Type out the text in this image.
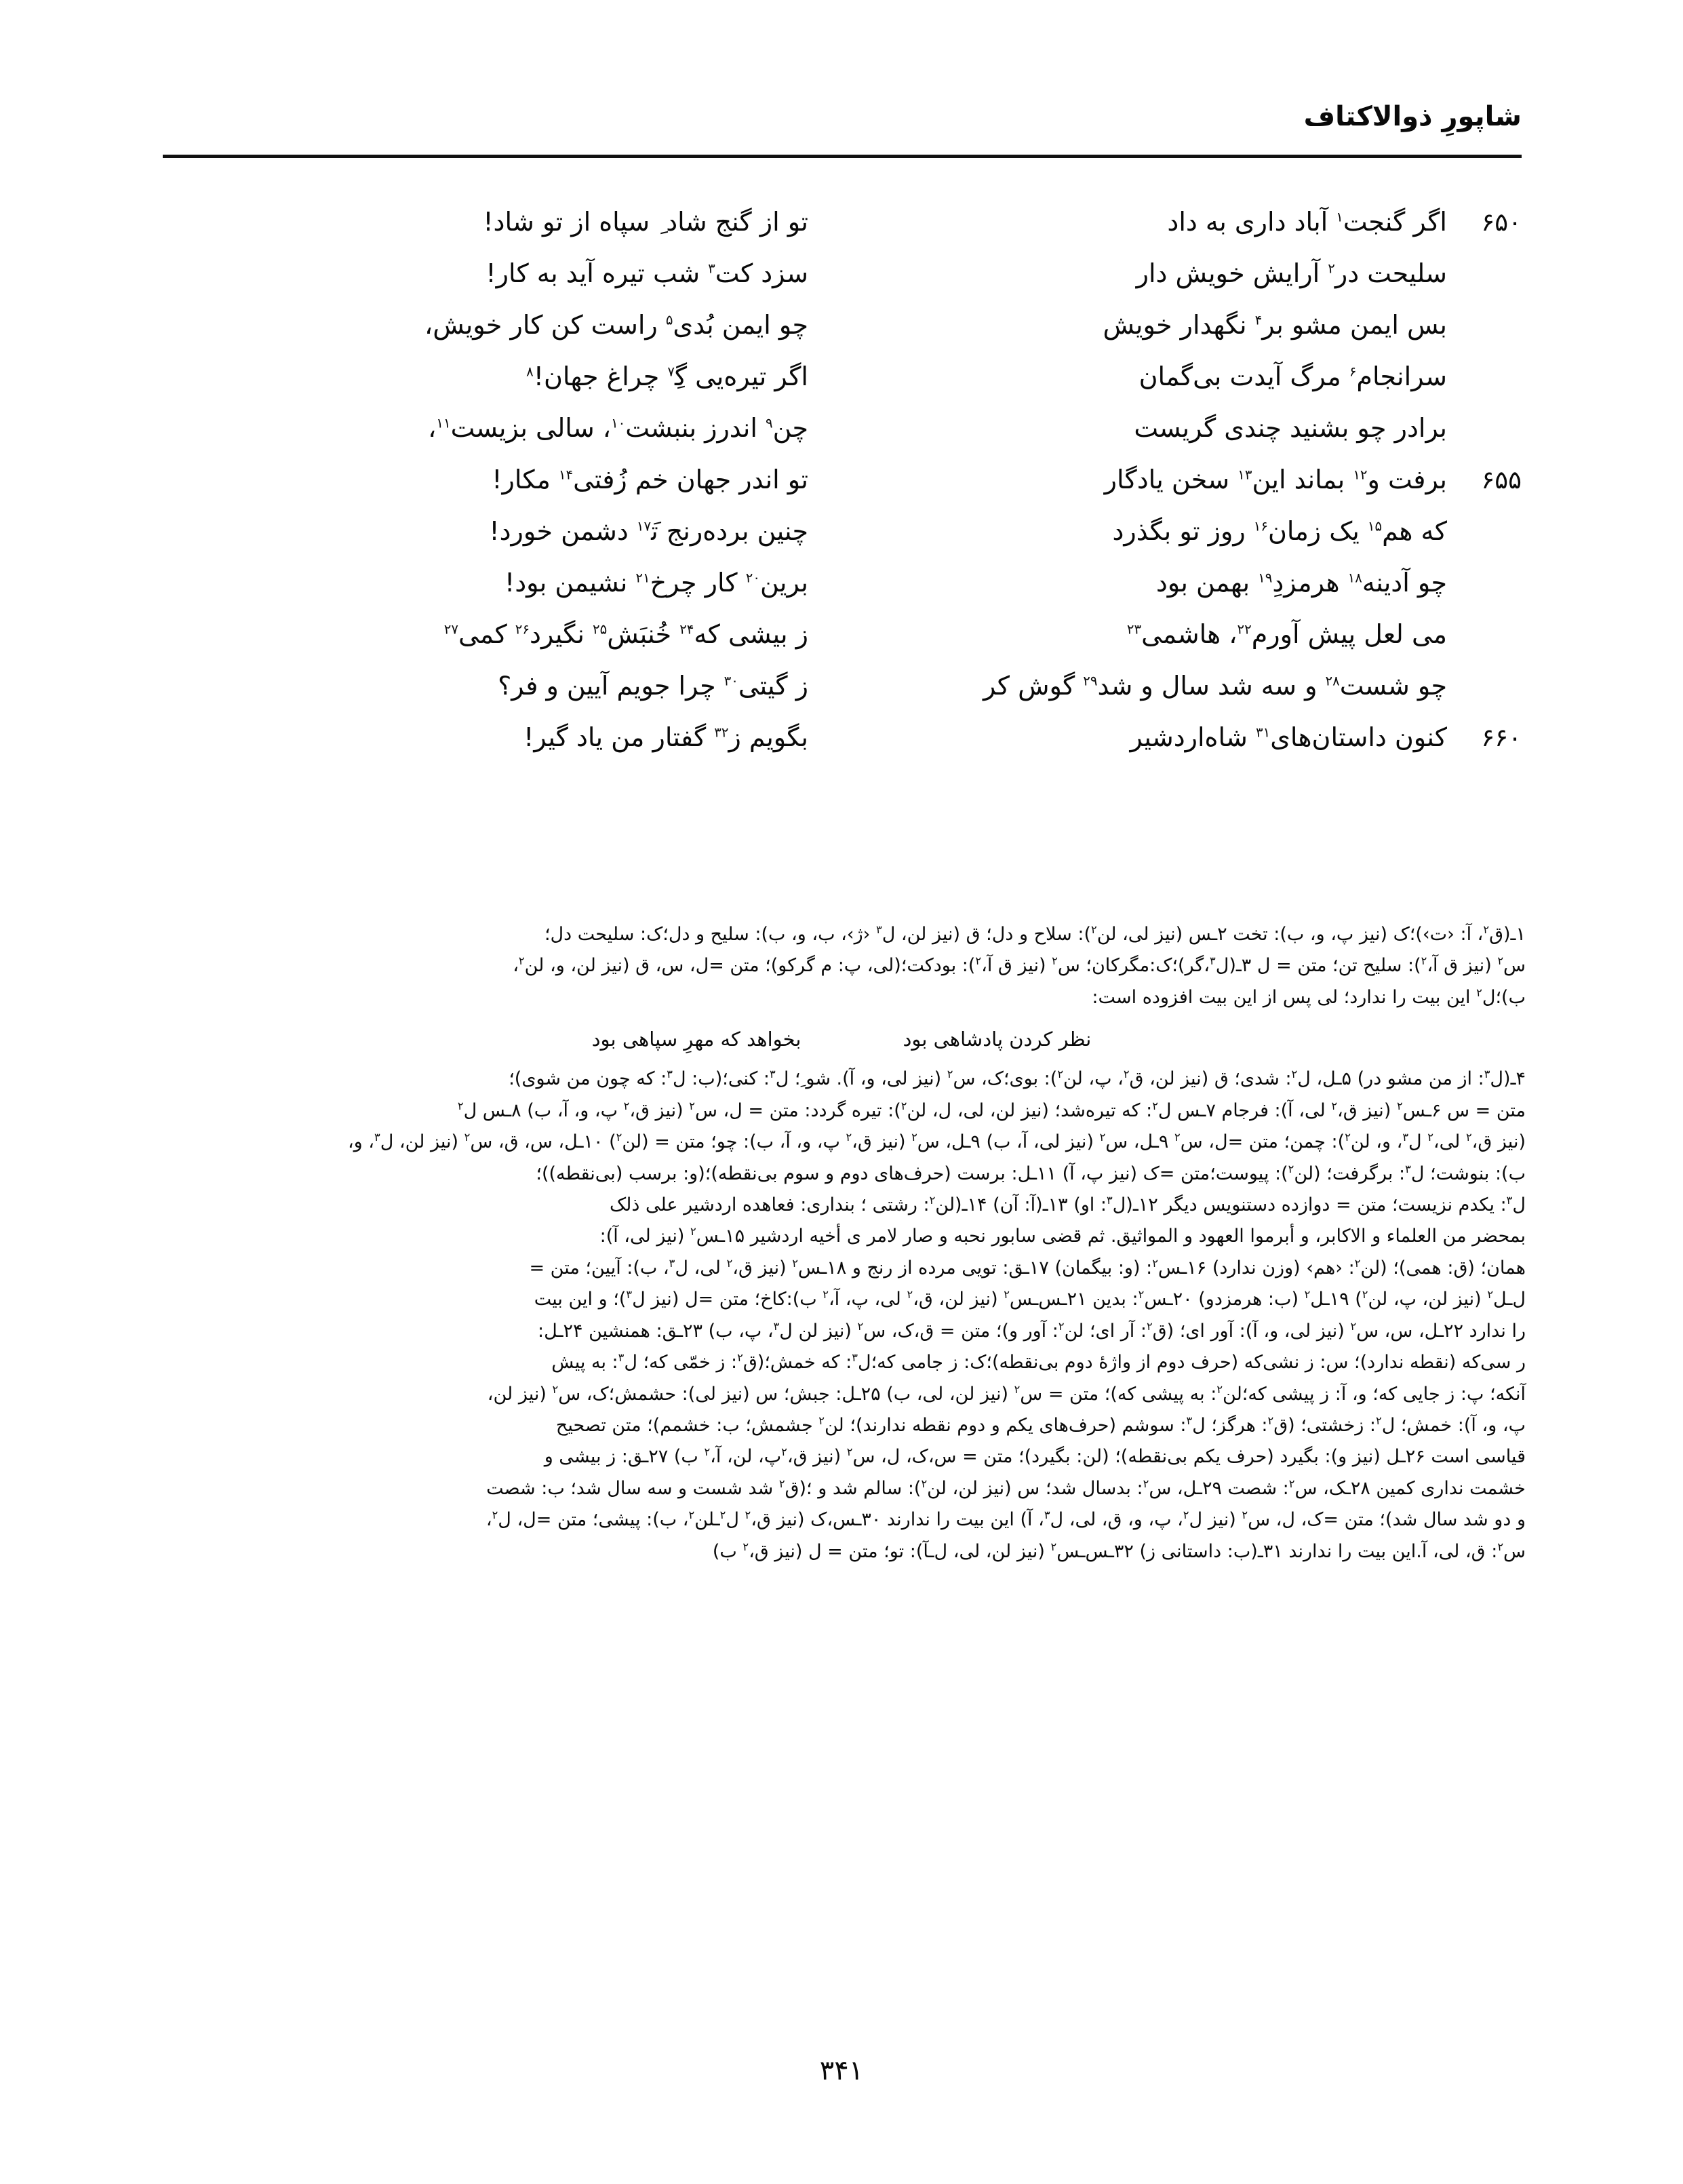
شاپورِ ذوالاکتاف
۶۵۰
اگر گنجت$^۱$ آباد داری به داد
تو از گنج شاد ِ سپاه از تو شاد!
سلیحت در$^۲$ آرایش خویش دار
سزد کت$^۳$ شب تیره آید به کار!
بس ایمن مشو بر$^۴$ نگهدار خویش
چو ایمن بُدی$^۵$ راست کن کار خویش،
سرانجام$^۶$ مرگ آیدت بی‌گمان
اگر تیره‌یی گ‍ِ$^۷$ چراغ جهان!$^۸$
برادر چو بشنید چندی گریست
چن$^۹$ اندرز بنبشت$^{۱۰}$، سالی بزیست$^{۱۱}$،
۶۵۵
برفت و$^{۱۲}$ بماند این$^{۱۳}$ سخن یادگار
تو اندر جهان خم زُفتی$^{۱۴}$ مکار!
که هم$^{۱۵}$ یک زمان$^{۱۶}$ روز تو بگذرد
چنین برده‌رنج ت‍َ$^{۱۷}$ دشمن خورد!
چو آدینه$^{۱۸}$ هرمزدِ$^{۱۹}$ بهمن بود
برین$^{۲۰}$ کار چرخ$^{۲۱}$ نشیمن بود!
می لعل پیش آورم$^{۲۲}$، هاشمی$^{۲۳}$
ز بیشی که$^{۲۴}$ خُنبَش$^{۲۵}$ نگیرد$^{۲۶}$ کمی$^{۲۷}$
چو شست$^{۲۸}$ و سه شد سال و شد$^{۲۹}$ گوش کر
ز گیتی$^{۳۰}$ چرا جویم آیین و فر؟
۶۶۰
کنون داستان‌های$^{۳۱}$ شاه‌اردشیر
بگویم ز$^{۳۲}$ گفتار من یاد گیر!
۱ـ(ق$^۲$، آ: ‹ت›)؛ک (نیز پ، و، ب): تخت ۲ـس (نیز لی، لن$^۲$): سلاح و دل؛ ق (نیز لن، ل$^۳$ ‹ژ›، ب، و، ب): سلیح و دل؛ک: سلیحت دل؛
س$^۲$ (نیز ق آ،$^۲$): سلیح تن؛ متن = ل ۳ـ(ل$^۳$،گر)؛ک:مگرکان؛ س$^۲$ (نیز ق آ،$^۲$): بودکت؛(لی، پ: م گرکو)؛ متن =ل، س، ق (نیز لن، و، لن$^۲$،
ب)؛ل$^۲$ این بیت را ندارد؛ لی پس از این بیت افزوده است:
نظر کردن پادشاهی بود
بخواهد که مهرِ سپاهی بود
۴ـ(ل$^۳$: از من مشو در) ۵ـل، ل$^۲$: شدی؛ ق (نیز لن، ق$^۲$، پ، لن$^۲$): بوی؛ک، س$^۲$ (نیز لی، و، آ). شو ِ؛ ل$^۳$: کنی؛(ب: ل$^۳$: که چون من شوی)؛
متن = س ۶ـس$^۲$ (نیز ق،$^۲$ لی، آ): فرجام ۷ـس ل$^۲$: که تیره‌شد؛ (نیز لن، لی، ل، لن$^۲$): تیره گردد: متن = ل، س$^۲$ (نیز ق،$^۲$ پ، و، آ، ب) ۸ـس ل$^۲$
(نیز ق،$^۲$ لی،$^۲$ ل$^۳$، و، لن$^۲$): چمن؛ متن =ل، س$^۲$ ۹ـل، س$^۲$ (نیز لی، آ، ب) ۹ـل، س$^۲$ (نیز ق،$^۲$ پ، و، آ، ب): چو؛ متن = (لن$^۲$) ۱۰ـل، س، ق، س$^۲$ (نیز لن، ل$^۳$، و،
ب): بنوشت؛ ل$^۳$: برگرفت؛ (لن$^۲$): پیوست؛متن =ک (نیز پ، آ) ۱۱ـل: برست (حرف‌های دوم و سوم بی‌نقطه)؛(و: برسب (بی‌نقطه))؛
ل$^۳$: یکدم نزیست؛ متن = دوازده دستنویس دیگر ۱۲ـ(ل$^۳$: او) ۱۳ـ(آ: آن) ۱۴ـ(لن$^۲$: رشتی ؛ بنداری: فعاهده اردشیر علی ذلک
بمحضر من العلماء و الاکابر، و أبرموا العهود و المواثیق. ثم قضی سابور نحبه و صار لامر ی أخیه اردشیر ۱۵ـس$^۲$ (نیز لی، آ):
همان؛ (ق: همی)؛ (لن$^۲$: ‹هم› (وزن ندارد) ۱۶ـس$^۲$: (و: بیگمان) ۱۷ـق: تویی مرده از رنج و ۱۸ـس$^۲$ (نیز ق،$^۲$ لی، ل$^۳$، ب): آیین؛ متن =
ل‌ـل$^۲$ (نیز لن، پ، لن$^۲$) ۱۹ـل$^۲$ (ب: هرمزدو) ۲۰ـس$^۲$: بدین ۲۱ـس‌ـس$^۲$ (نیز لن، ق،$^۲$ لی، پ، آ،$^۲$ ب):کاخ؛ متن =ل (نیز ل$^۳$)؛ و این بیت
را ندارد ۲۲ـل، س، س$^۲$ (نیز لی، و، آ): آور ای؛ (ق$^۲$: آر ای؛ لن$^۲$: آور و)؛ متن = ق،ک، س$^۲$ (نیز لن ل$^۳$، پ، ب) ۲۳ـق: همنشین ۲۴ـل:
ر سی‌که (نقطه ندارد)؛ س: ز نشی‌که (حرف دوم از واژهٔ دوم بی‌نقطه)؛ک: ز جامی که؛ل$^۳$: که خمش؛(ق$^۲$: ز خمّی که؛ ل$^۳$: به پیش
آنکه؛ پ: ز جایی که؛ و، آ: ز پیشی که؛لن$^۲$: به پیشی که)؛ متن = س$^۲$ (نیز لن، لی، ب) ۲۵ـل: جبش؛ س (نیز لی): حشمش؛ک، س$^۲$ (نیز لن،
پ، و، آ): خمش؛ ل$^۲$: زخشتی؛ (ق$^۲$: هرگز؛ ل$^۳$: سوشم (حرف‌های یکم و دوم نقطه ندارند)؛ لن$^۲$ جشمش؛ ب: خشمم)؛ متن تصحیح
قیاسی است ۲۶ـل (نیز و): بگیرد (حرف یکم بی‌نقطه)؛ (لن: بگیرد)؛ متن = س،ک، ل، س$^۲$ (نیز ق،$^۲$پ، لن، آ،$^۲$ ب) ۲۷ـق: ز بیشی و
خشمت نداری کمین ۲۸ـک، س$^۲$: شصت ۲۹ـل، س$^۲$: بدسال شد؛ س (نیز لن، لن$^۲$): سالم شد و ؛(ق$^۲$ شد شست و سه سال شد؛ ب: شصت
و دو شد سال شد)؛ متن =ک، ل، س$^۲$ (نیز ل$^۲$، پ، و، ق، لی، ل$^۳$، آ) این بیت را ندارند ۳۰ـس،ک (نیز ق،$^۲$ ل$^۲$ـلن$^۲$، ب): پیشی؛ متن =ل، ل$^۲$،
س$^۲$: ق، لی، آ.این بیت را ندارند ۳۱ـ(ب: داستانی ز) ۳۲ـس‌ـس$^۲$ (نیز لن، لی، ل‌ـآ): تو؛ متن = ل (نیز ق،$^۲$ ب)
۳۴۱
